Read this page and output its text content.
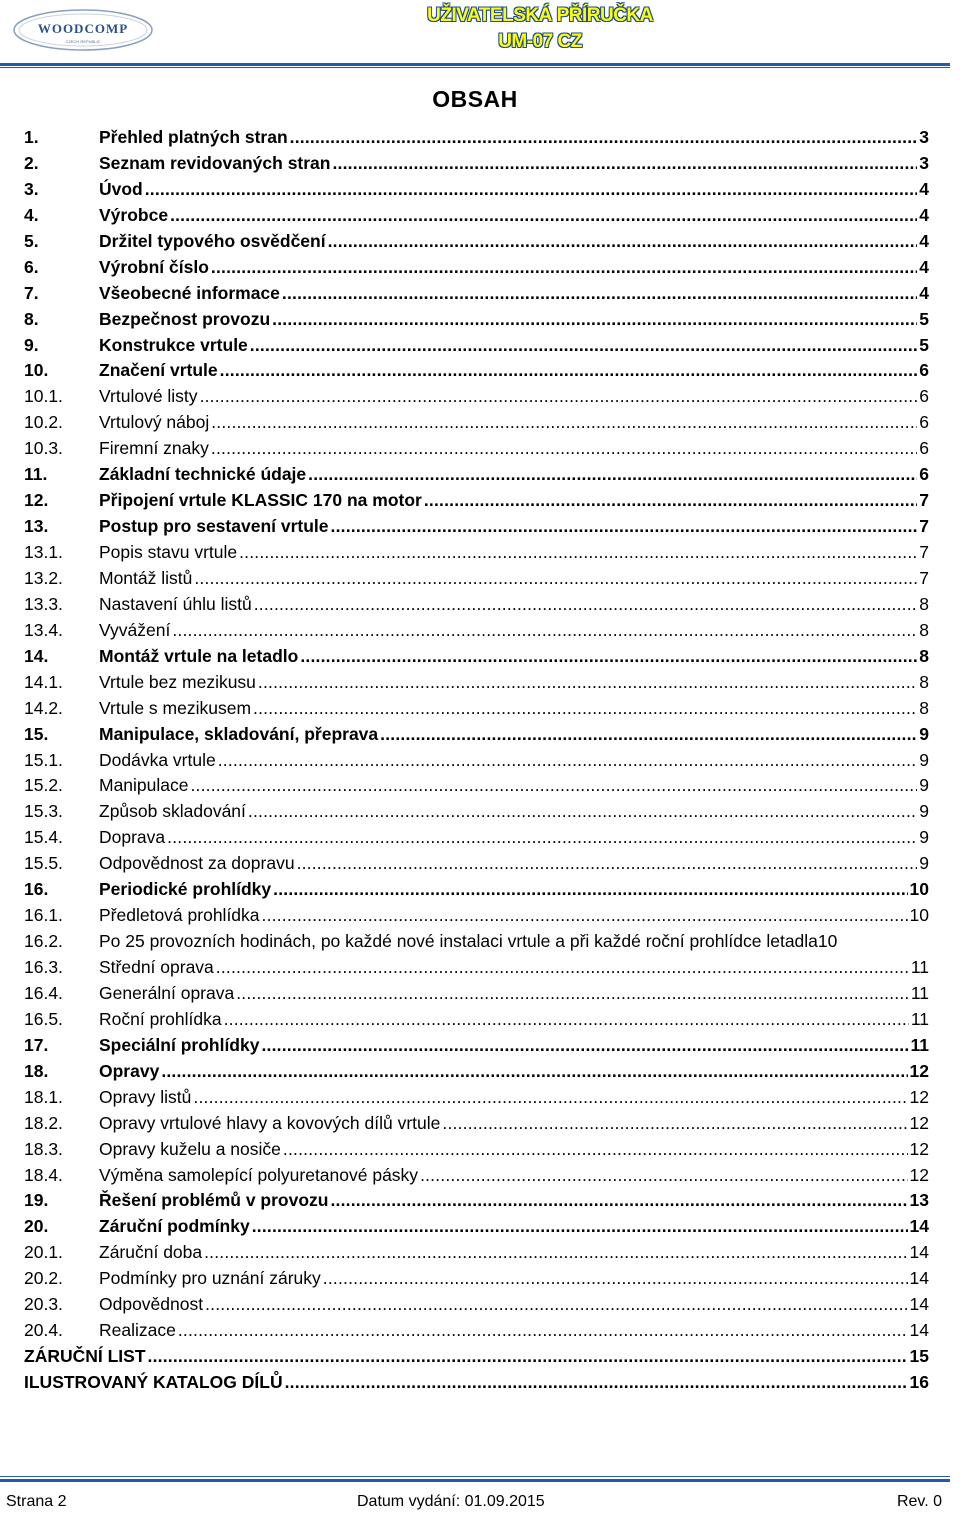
WOODCOMP
CZECH REPUBLIC
UŽIVATELSKÁ PŘÍRUČKA
UM-07 CZ
OBSAH
1.	Přehled platných stran .....	3
2.	Seznam revidovaných stran .....	3
3.	Úvod .....	4
4.	Výrobce .....	4
5.	Držitel typového osvědčení .....	4
6.	Výrobní číslo .....	4
7.	Všeobecné informace .....	4
8.	Bezpečnost provozu .....	5
9.	Konstrukce vrtule .....	5
10.	Značení vrtule .....	6
10.1. Vrtulové listy .....	6
10.2. Vrtulový náboj .....	6
10.3. Firemní znaky .....	6
11.	Základní technické údaje .....	6
12.	Připojení vrtule KLASSIC 170 na motor .....	7
13.	Postup pro sestavení vrtule .....	7
13.1. Popis stavu vrtule .....	7
13.2. Montáž listů .....	7
13.3. Nastavení úhlu listů .....	8
13.4. Vyvážení .....	8
14.	Montáž vrtule na letadlo .....	8
14.1. Vrtule bez mezikusu .....	8
14.2. Vrtule s mezikusem .....	8
15.	Manipulace, skladování, přeprava .....	9
15.1. Dodávka vrtule .....	9
15.2. Manipulace .....	9
15.3. Způsob skladování .....	9
15.4. Doprava .....	9
15.5. Odpovědnost za dopravu .....	9
16.	Periodické prohlídky .....	10
16.1. Předletová prohlídka .....	10
16.2. Po 25 provozních hodinách, po každé nové instalaci vrtule a při každé roční prohlídce letadla 10
16.3. Střední oprava .....	11
16.4. Generální oprava .....	11
16.5. Roční prohlídka .....	11
17.	Speciální prohlídky .....	11
18.	Opravy .....	12
18.1. Opravy listů .....	12
18.2. Opravy vrtulové hlavy a kovových dílů vrtule .....	12
18.3. Opravy kuželu a nosiče .....	12
18.4. Výměna samolepící polyuretanové pásky .....	12
19.	Řešení problémů v provozu .....	13
20.	Záruční podmínky .....	14
20.1. Záruční doba .....	14
20.2. Podmínky pro uznání záruky .....	14
20.3. Odpovědnost .....	14
20.4. Realizace .....	14
ZÁRUČNÍ LIST .....	15
ILUSTROVANÝ KATALOG DÍLŮ .....	16
Strana 2	Datum vydání: 01.09.2015	Rev. 0
